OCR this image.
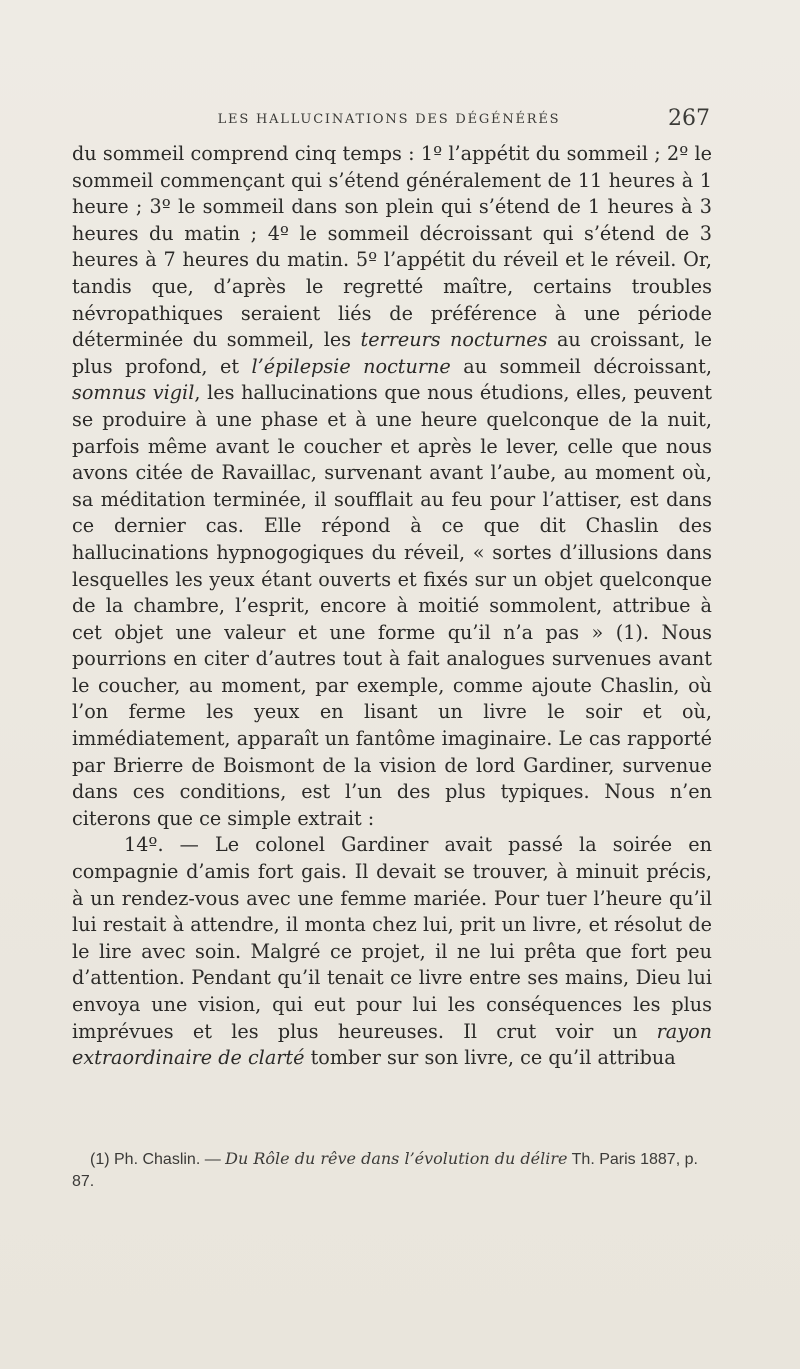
LES HALLUCINATIONS DES DÉGÉNÉRÉS	267

du sommeil comprend cinq temps : 1º l’appétit du sommeil ; 2º le sommeil commençant qui s’étend généralement de 11 heures à 1 heure ; 3º le sommeil dans son plein qui s’étend de 1 heures à 3 heures du matin ; 4º le sommeil décroissant qui s’étend de 3 heures à 7 heures du matin. 5º l’appétit du réveil et le réveil. Or, tandis que, d’après le regretté maître, certains troubles névropathiques seraient liés de préférence à une période déterminée du sommeil, les terreurs nocturnes au croissant, le plus profond, et l’épilepsie nocturne au sommeil décroissant, somnus vigil, les hallucinations que nous étudions, elles, peuvent se produire à une phase et à une heure quelconque de la nuit, parfois même avant le coucher et après le lever, celle que nous avons citée de Ravaillac, survenant avant l’aube, au moment où, sa méditation terminée, il soufflait au feu pour l’attiser, est dans ce dernier cas. Elle répond à ce que dit Chaslin des hallucinations hypnogogiques du réveil, « sortes d’illusions dans lesquelles les yeux étant ouverts et fixés sur un objet quelconque de la chambre, l’esprit, encore à moitié sommolent, attribue à cet objet une valeur et une forme qu’il n’a pas » (1). Nous pourrions en citer d’autres tout à fait analogues survenues avant le coucher, au moment, par exemple, comme ajoute Chaslin, où l’on ferme les yeux en lisant un livre le soir et où, immédiatement, apparaît un fantôme imaginaire. Le cas rapporté par Brierre de Boismont de la vision de lord Gardiner, survenue dans ces conditions, est l’un des plus typiques. Nous n’en citerons que ce simple extrait :

14º. — Le colonel Gardiner avait passé la soirée en compagnie d’amis fort gais. Il devait se trouver, à minuit précis, à un rendez-vous avec une femme mariée. Pour tuer l’heure qu’il lui restait à attendre, il monta chez lui, prit un livre, et résolut de le lire avec soin. Malgré ce projet, il ne lui prêta que fort peu d’attention. Pendant qu’il tenait ce livre entre ses mains, Dieu lui envoya une vision, qui eut pour lui les conséquences les plus imprévues et les plus heureuses. Il crut voir un rayon extraordinaire de clarté tomber sur son livre, ce qu’il attribua

(1) Ph. Chaslin. — Du Rôle du rêve dans l’évolution du délire Th. Paris 1887, p. 87.
